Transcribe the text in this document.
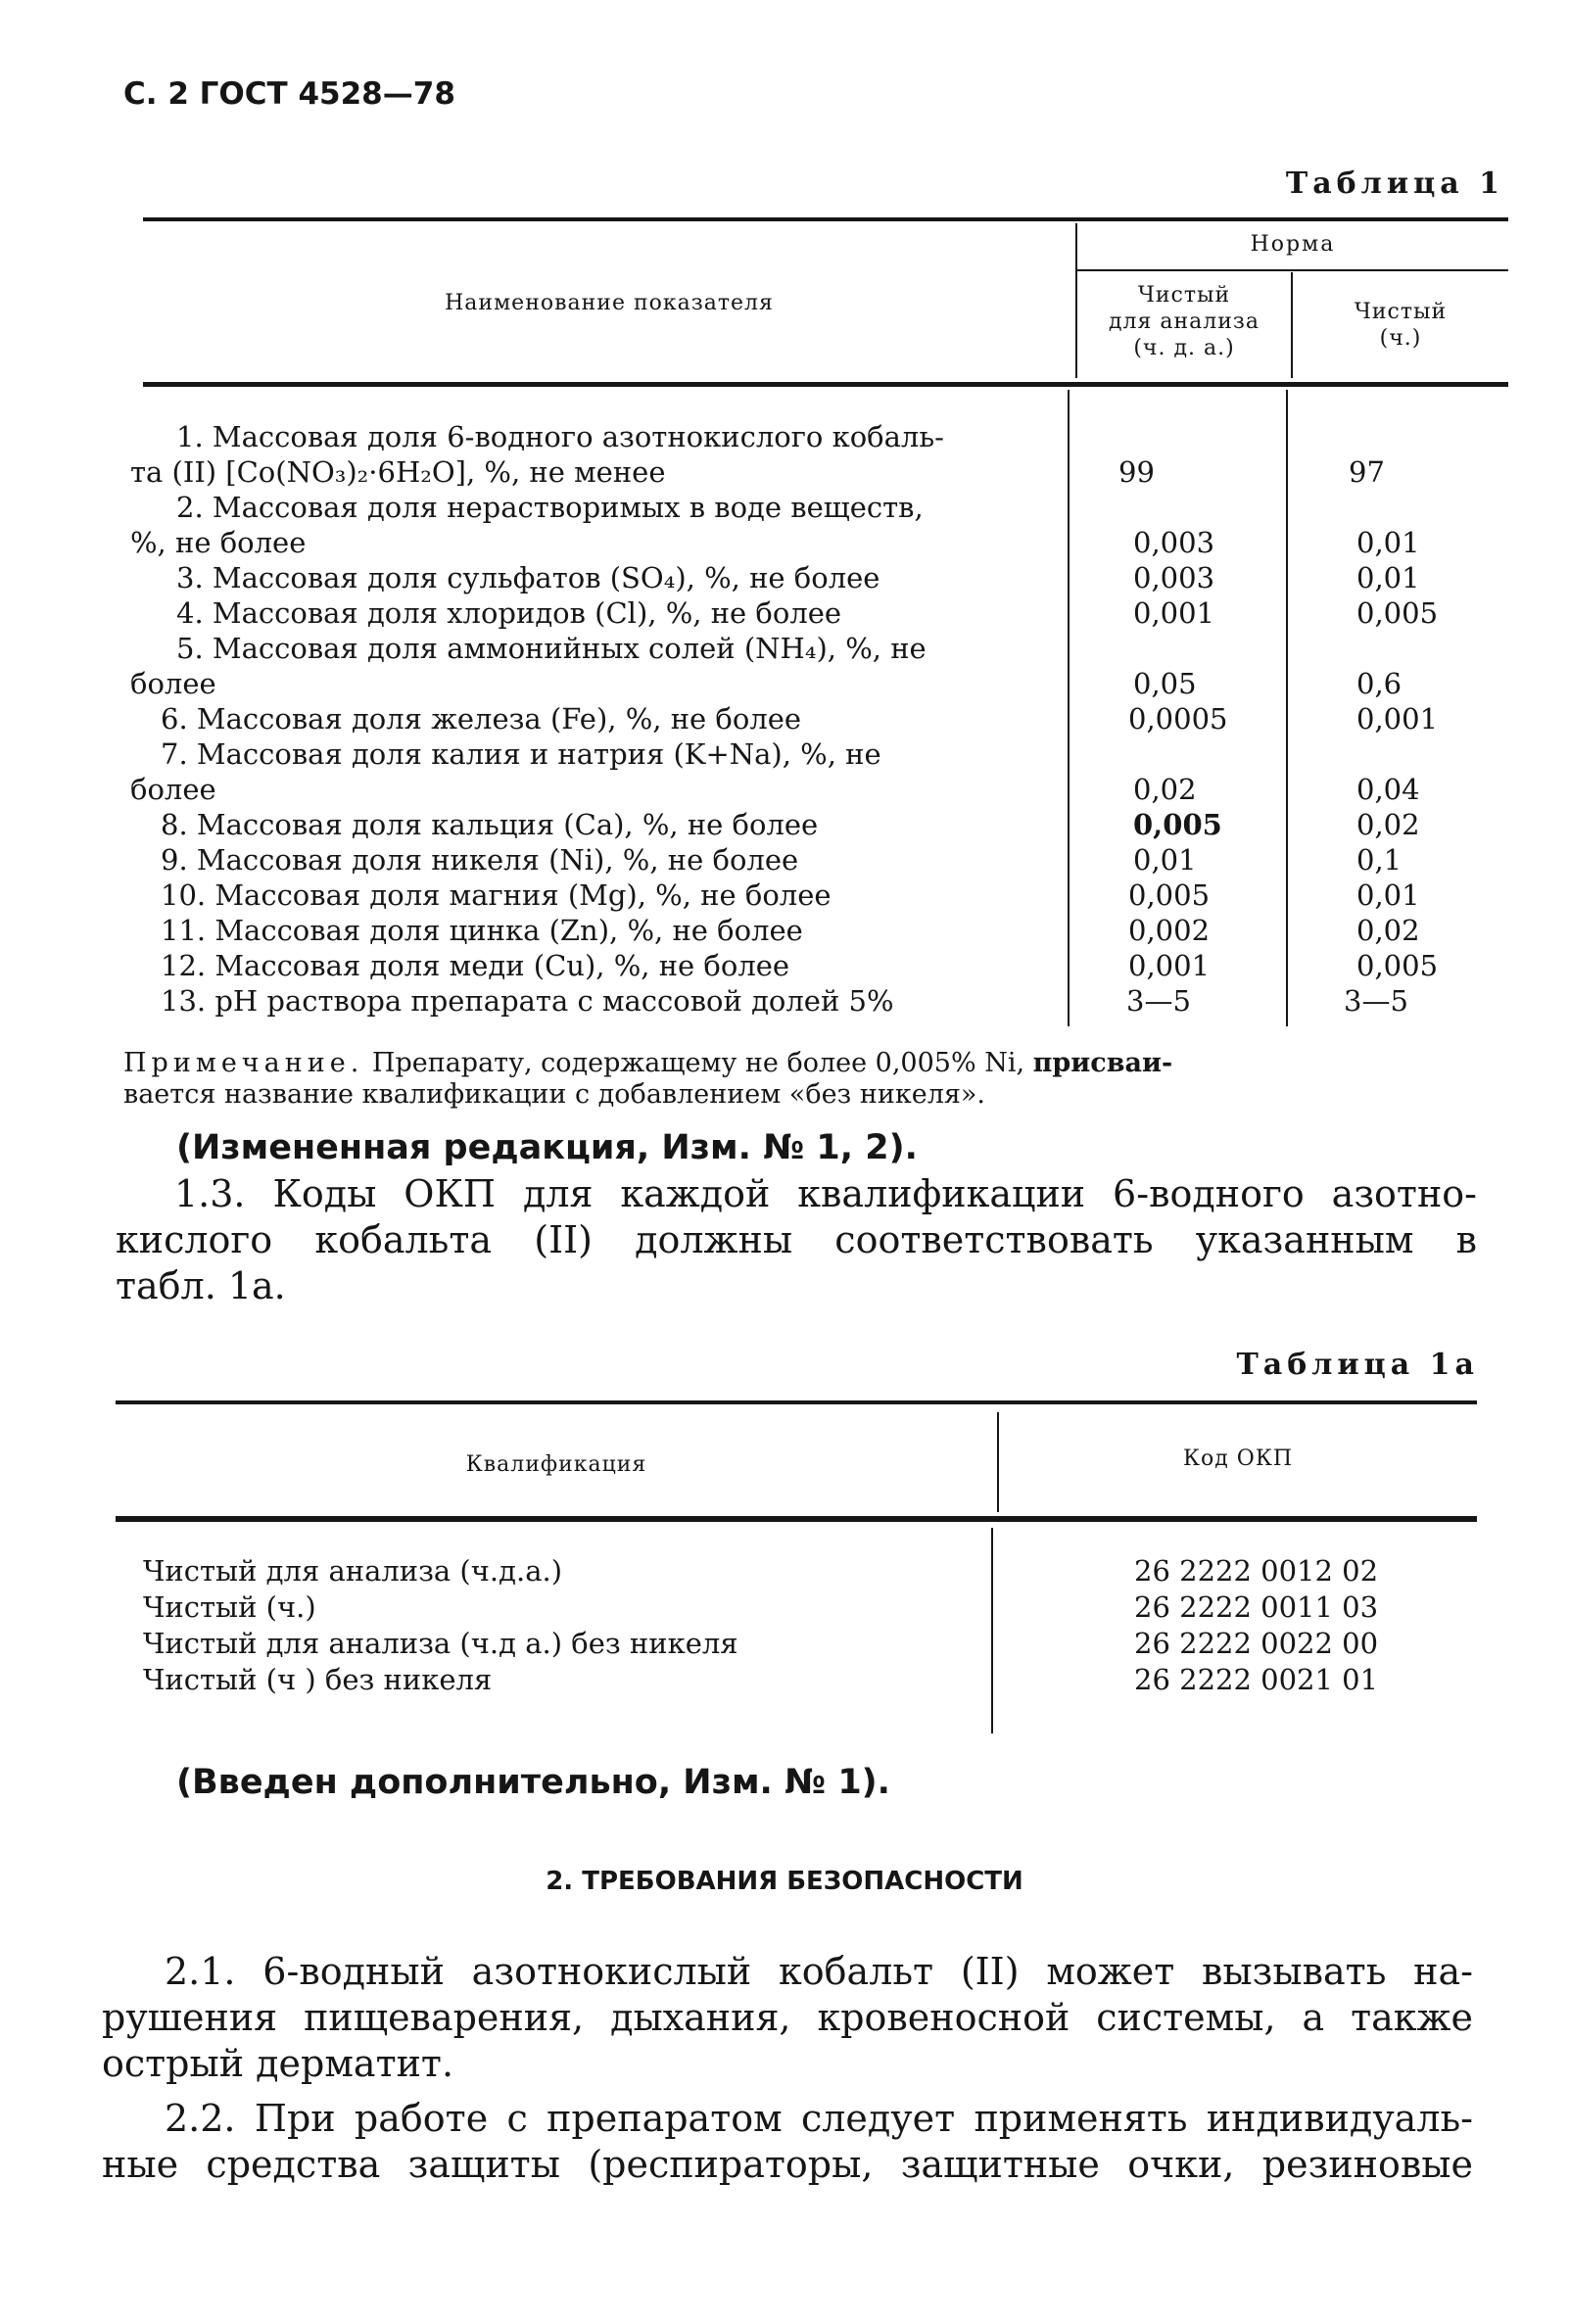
С. 2 ГОСТ 4528—78
Таблица 1
Наименование показателя
Норма
Чистый
для анализа
(ч. д. а.)
Чистый
(ч.)
1. Массовая доля 6-водного азотнокислого кобаль-
та (II) [Co(NO₃)₂·6H₂O], %, не менее	99	97
2. Массовая доля нерастворимых в воде веществ,
%, не более	0,003	0,01
3. Массовая доля сульфатов (SO₄), %, не более	0,003	0,01
4. Массовая доля хлоридов (Cl), %, не более	0,001	0,005
5. Массовая доля аммонийных солей (NH₄), %, не
более	0,05	0,6
6. Массовая доля железа (Fe), %, не более	0,0005	0,001
7. Массовая доля калия и натрия (K+Na), %, не
более	0,02	0,04
8. Массовая доля кальция (Ca), %, не более	0,005	0,02
9. Массовая доля никеля (Ni), %, не более	0,01	0,1
10. Массовая доля магния (Mg), %, не более	0,005	0,01
11. Массовая доля цинка (Zn), %, не более	0,002	0,02
12. Массовая доля меди (Cu), %, не более	0,001	0,005
13. pH раствора препарата с массовой долей 5%	3—5	3—5
Примечание. Препарату, содержащему не более 0,005% Ni, присваи-
вается название квалификации с добавлением «без никеля».
(Измененная редакция, Изм. № 1, 2).
1.3. Коды ОКП для каждой квалификации 6-водного азотно-
кислого кобальта (II) должны соответствовать указанным в
табл. 1а.
Таблица 1а
Квалификация	Код ОКП
Чистый для анализа (ч.д.а.)	26 2222 0012 02
Чистый (ч.)	26 2222 0011 03
Чистый для анализа (ч.д а.) без никеля	26 2222 0022 00
Чистый (ч ) без никеля	26 2222 0021 01
(Введен дополнительно, Изм. № 1).
2. ТРЕБОВАНИЯ БЕЗОПАСНОСТИ
2.1. 6-водный азотнокислый кобальт (II) может вызывать на-
рушения пищеварения, дыхания, кровеносной системы, а также
острый дерматит.
2.2. При работе с препаратом следует применять индивидуаль-
ные средства защиты (респираторы, защитные очки, резиновые
